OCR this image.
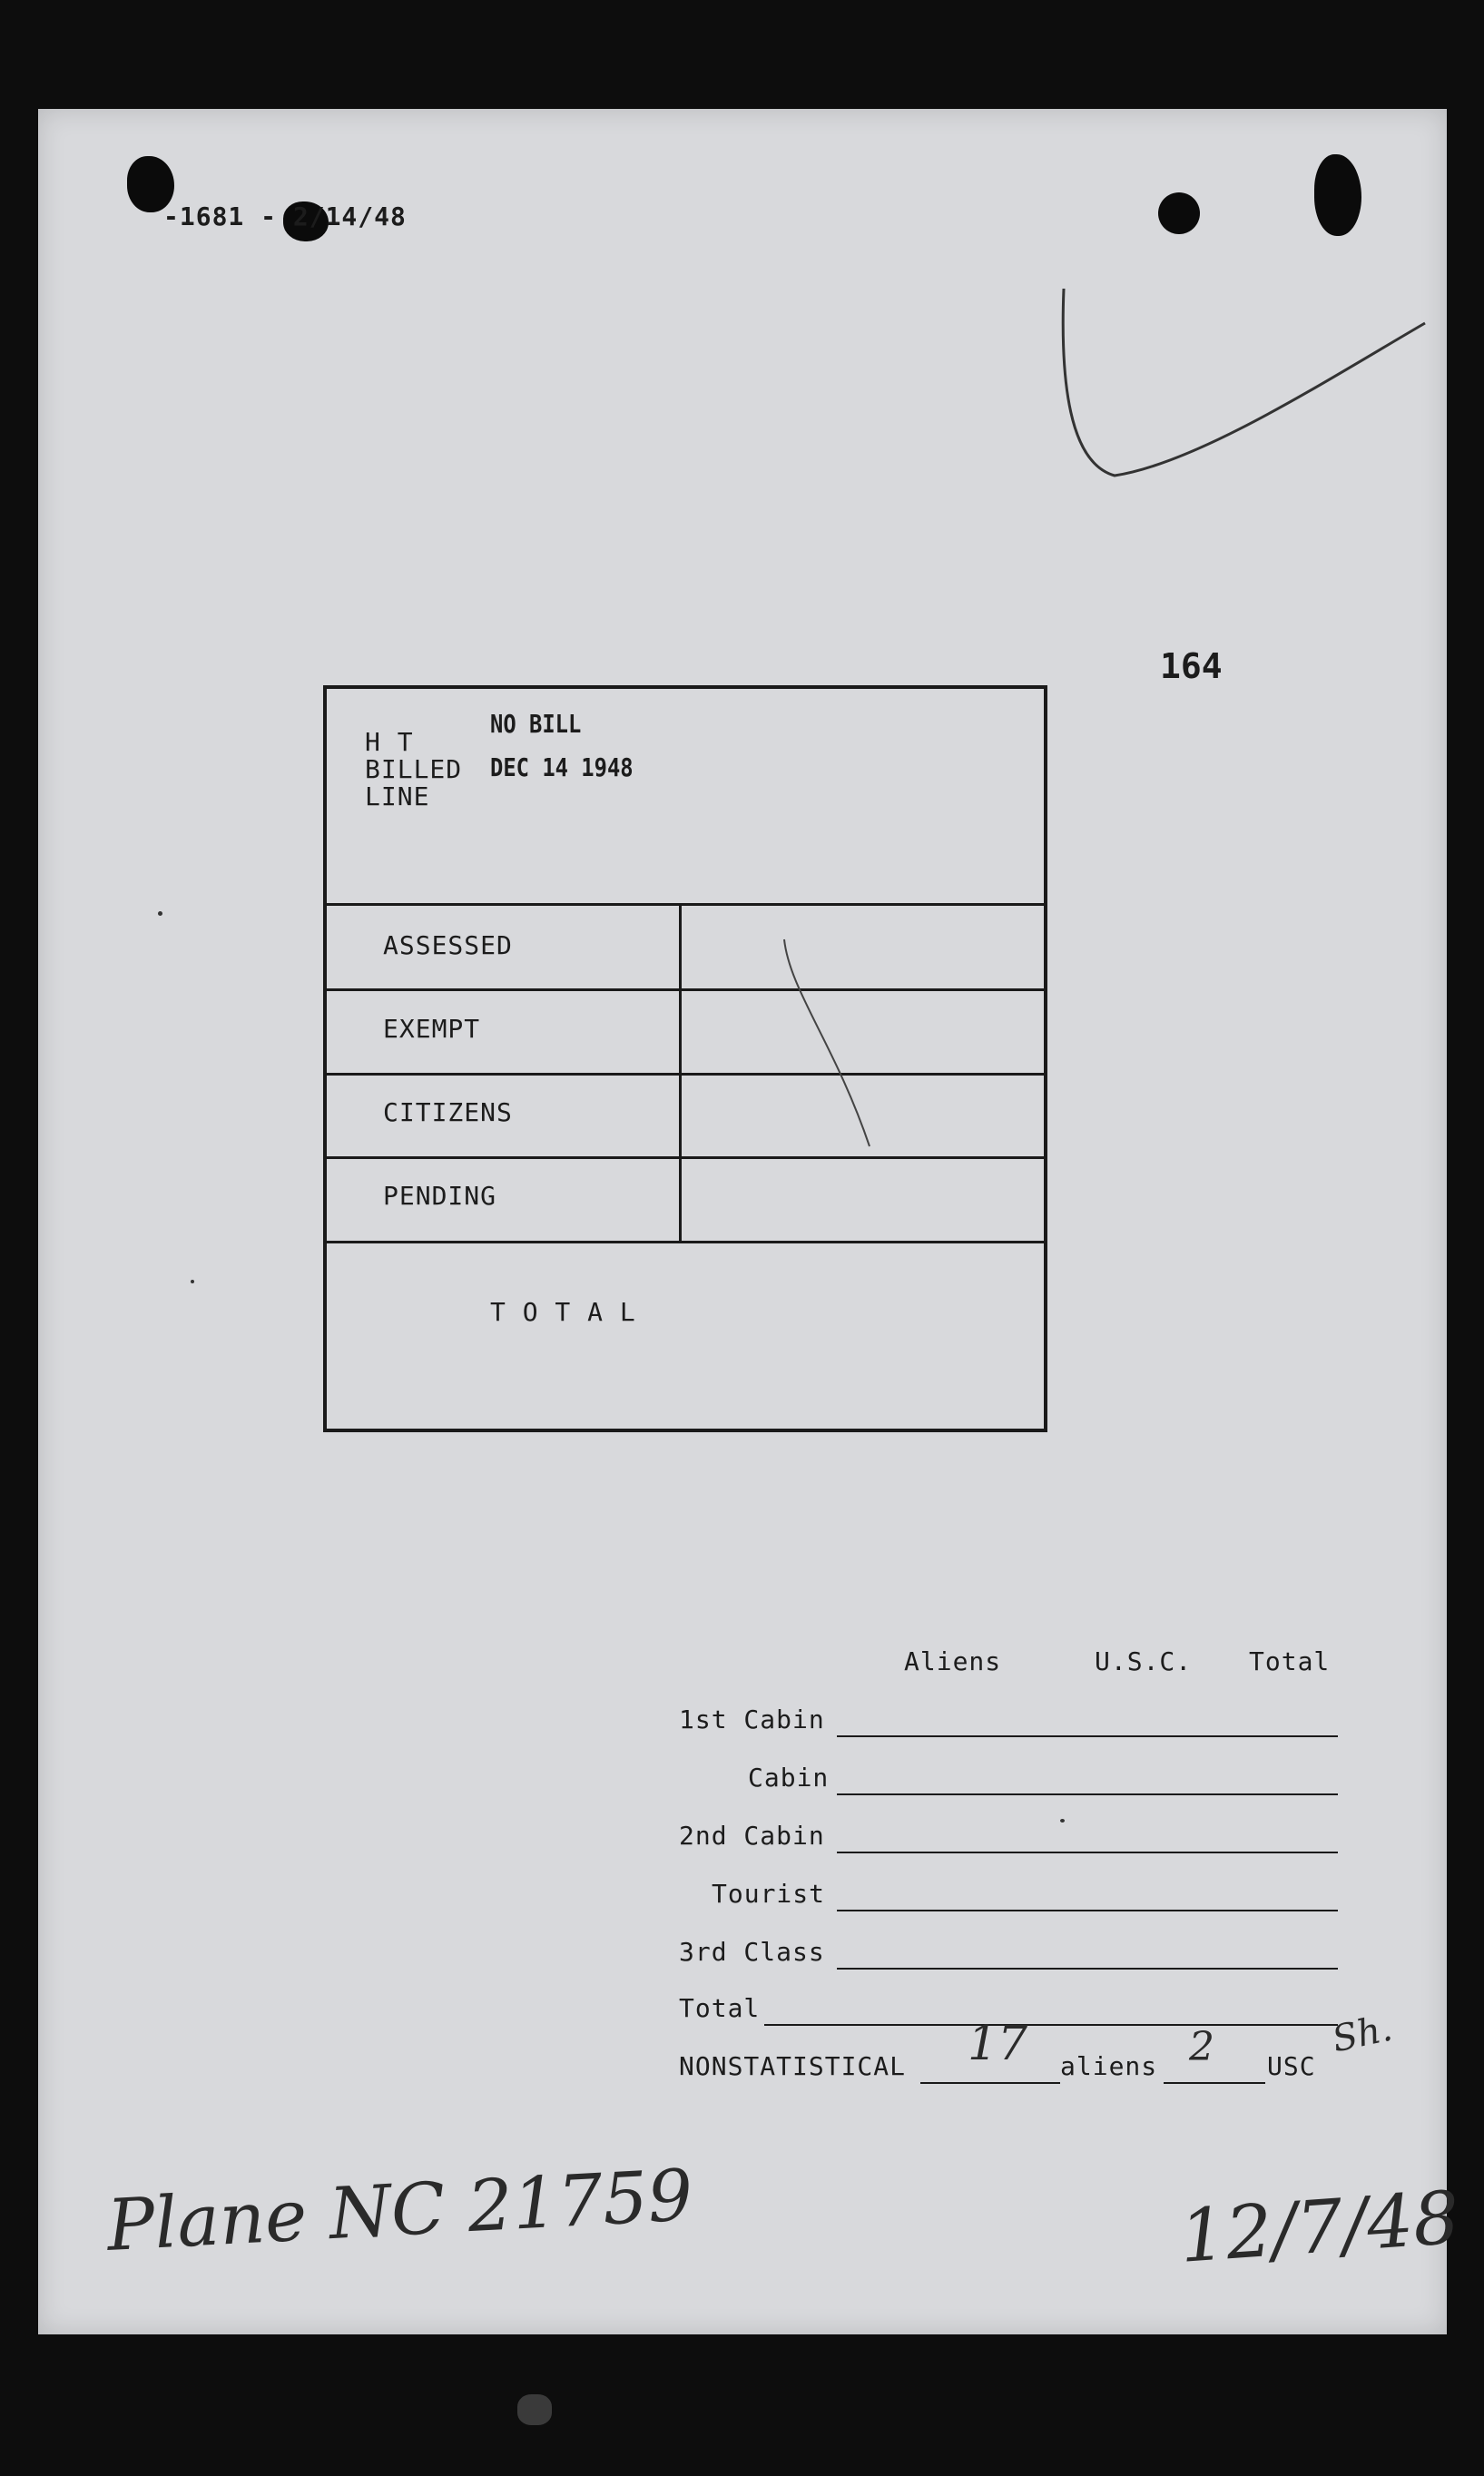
-1681 - 2/14/48
164
H T
BILLED
LINE
NO BILL
DEC 14 1948
ASSESSED
EXEMPT
CITIZENS
PENDING
T O T A L
Aliens	U.S.C. Total
1st Cabin
Cabin
2nd Cabin
Tourist
3rd Class
Total
NONSTATISTICAL 17 aliens 2 USC
Sh.
Plane NC 21759	12/7/48
